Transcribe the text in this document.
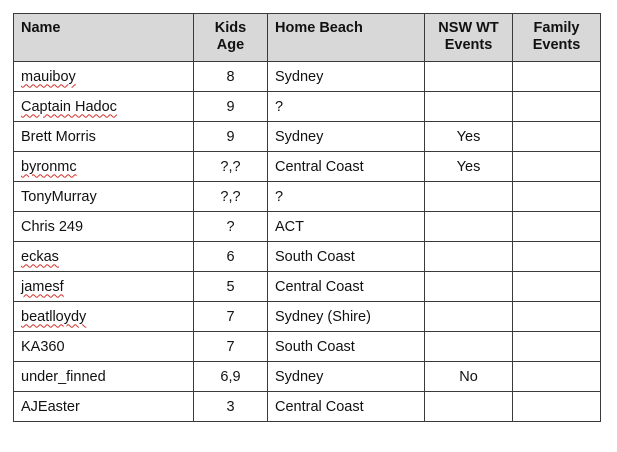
Name	Kids Age	Home Beach	NSW WT Events	Family Events
mauiboy	8	Sydney		
Captain Hadoc	9	?		
Brett Morris	9	Sydney	Yes	
byronmc	?,?	Central Coast	Yes	
TonyMurray	?,?	?		
Chris 249	?	ACT		
eckas	6	South Coast		
jamesf	5	Central Coast		
beatlloydy	7	Sydney (Shire)		
KA360	7	South Coast		
under_finned	6,9	Sydney	No	
AJEaster	3	Central Coast		
